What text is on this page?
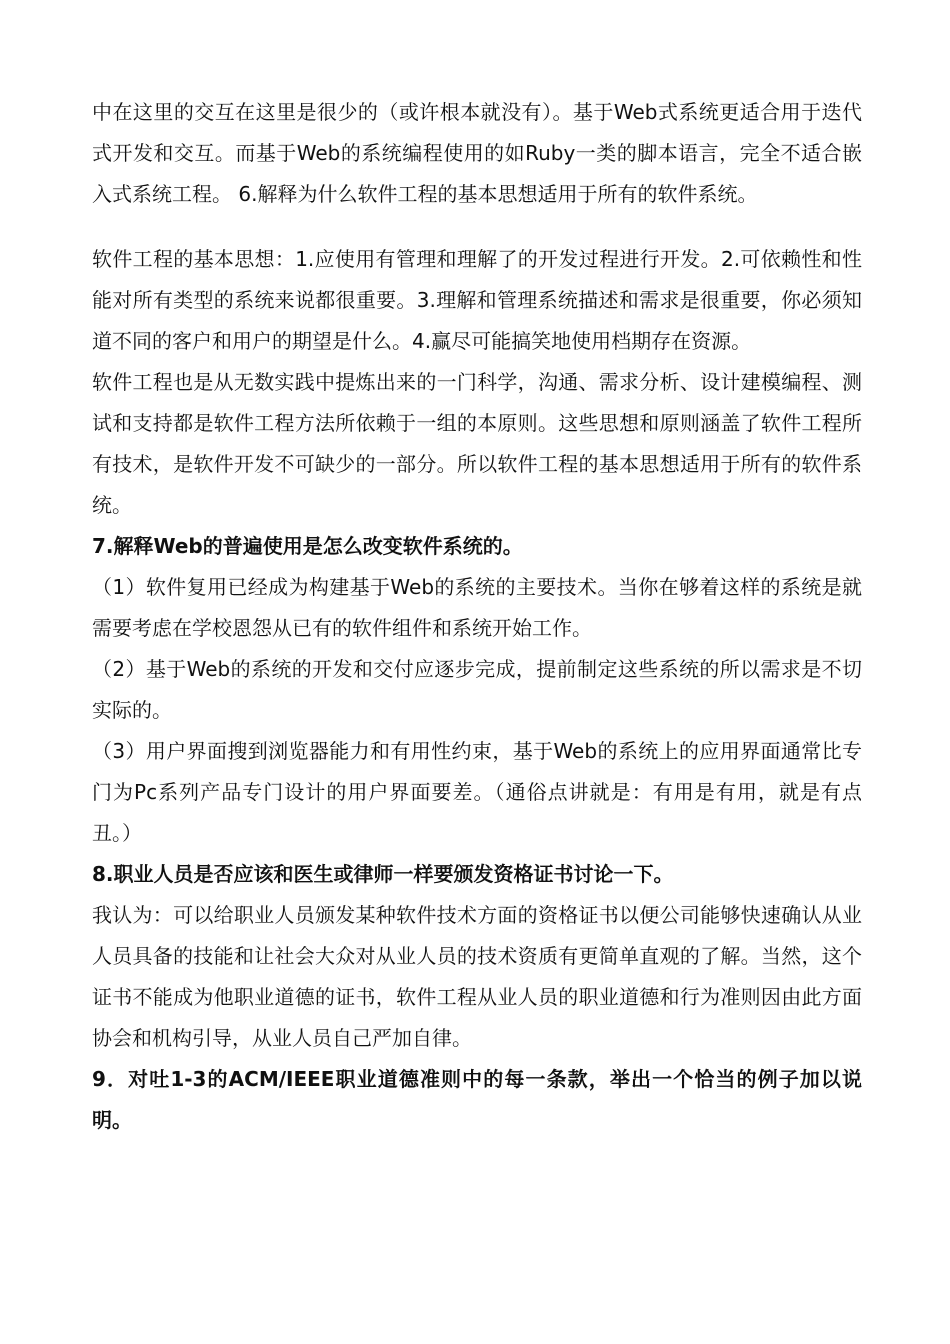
中在这里的交互在这里是很少的（或许根本就没有）。基于Web式系统更适合用于迭代式开发和交互。而基于Web的系统编程使用的如Ruby一类的脚本语言，完全不适合嵌入式系统工程。 6.解释为什么软件工程的基本思想适用于所有的软件系统。

软件工程的基本思想：1.应使用有管理和理解了的开发过程进行开发。2.可依赖性和性能对所有类型的系统来说都很重要。3.理解和管理系统描述和需求是很重要，你必须知道不同的客户和用户的期望是什么。4.赢尽可能搞笑地使用档期存在资源。

软件工程也是从无数实践中提炼出来的一门科学，沟通、需求分析、设计建模编程、测试和支持都是软件工程方法所依赖于一组的本原则。这些思想和原则涵盖了软件工程所有技术，是软件开发不可缺少的一部分。所以软件工程的基本思想适用于所有的软件系统。

7.解释Web的普遍使用是怎么改变软件系统的。

（1）软件复用已经成为构建基于Web的系统的主要技术。当你在够着这样的系统是就需要考虑在学校恩怨从已有的软件组件和系统开始工作。

（2）基于Web的系统的开发和交付应逐步完成，提前制定这些系统的所以需求是不切实际的。

（3）用户界面搜到浏览器能力和有用性约束，基于Web的系统上的应用界面通常比专门为Pc系列产品专门设计的用户界面要差。（通俗点讲就是：有用是有用，就是有点丑。）

8.职业人员是否应该和医生或律师一样要颁发资格证书讨论一下。

我认为：可以给职业人员颁发某种软件技术方面的资格证书以便公司能够快速确认从业人员具备的技能和让社会大众对从业人员的技术资质有更简单直观的了解。当然，这个证书不能成为他职业道德的证书，软件工程从业人员的职业道德和行为准则因由此方面协会和机构引导，从业人员自己严加自律。

9．对吐1-3的ACM/IEEE职业道德准则中的每一条款，举出一个恰当的例子加以说明。
